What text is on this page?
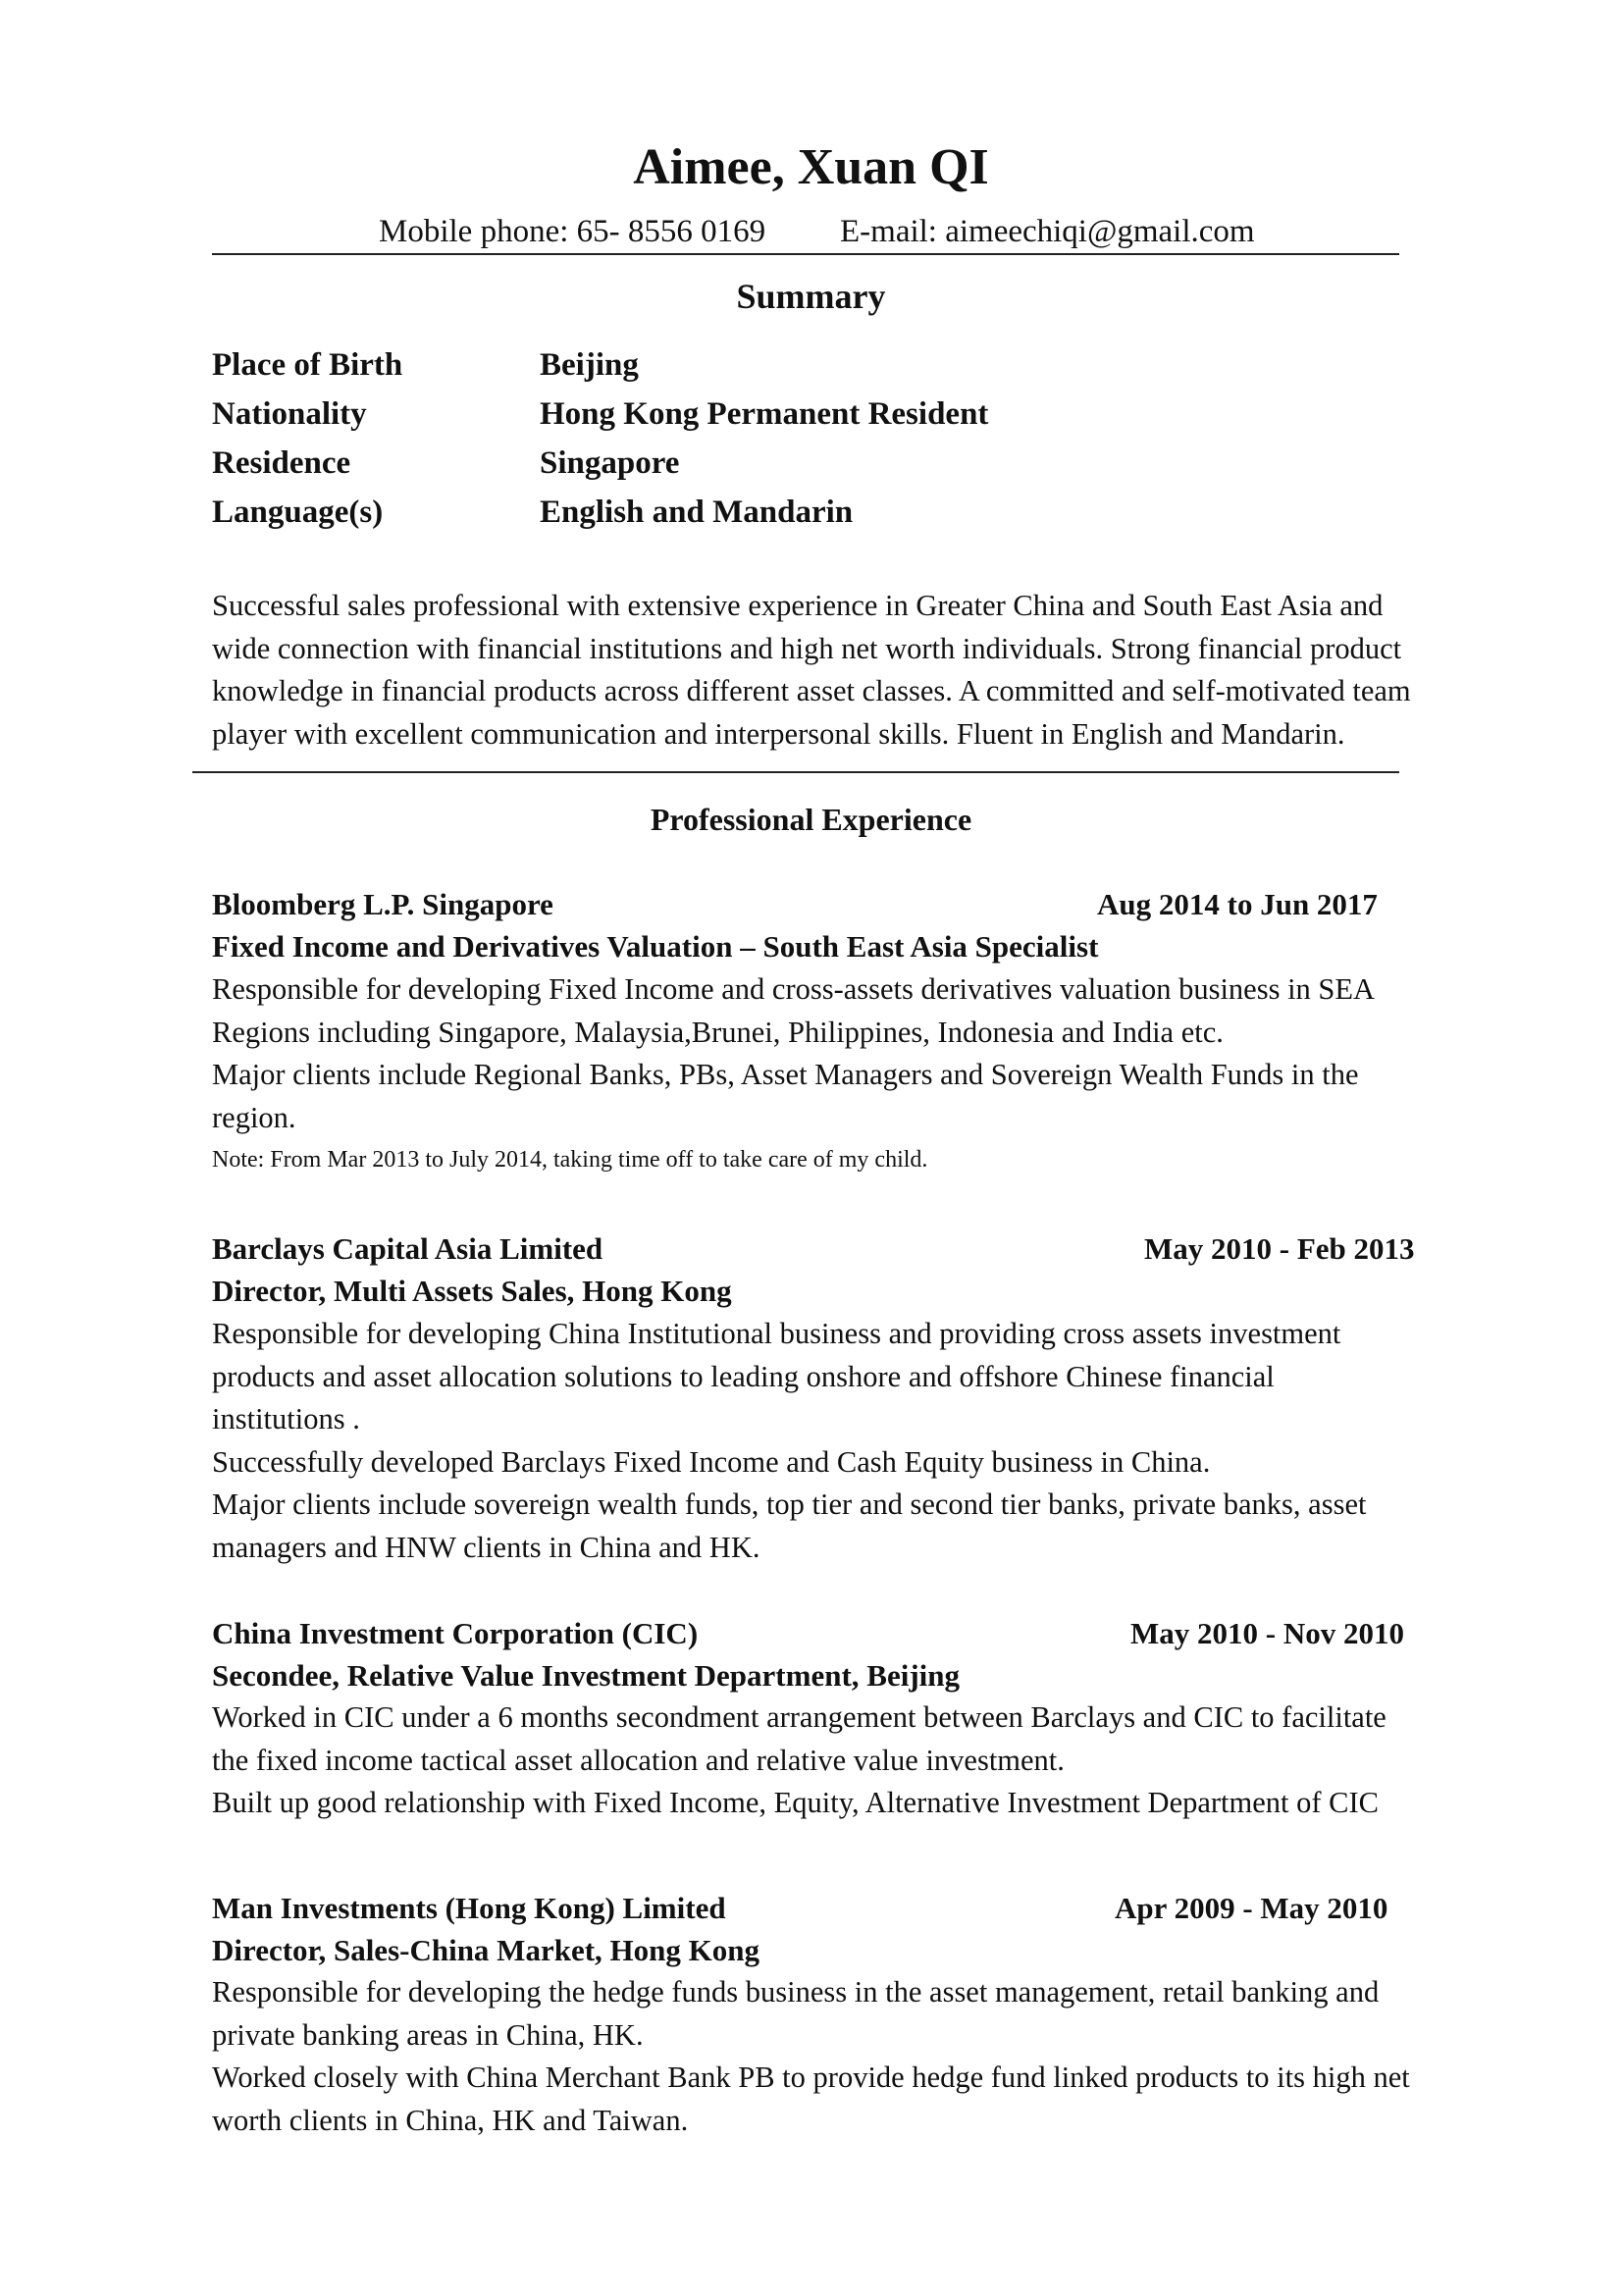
Aimee, Xuan QI
Mobile phone: 65- 8556 0169 E-mail: aimeechiqi@gmail.com
Summary
Place of Birth	Beijing
Nationality	Hong Kong Permanent Resident
Residence	Singapore
Language(s)	English and Mandarin
Successful sales professional with extensive experience in Greater China and South East Asia and
wide connection with financial institutions and high net worth individuals. Strong financial product
knowledge in financial products across different asset classes. A committed and self-motivated team
player with excellent communication and interpersonal skills. Fluent in English and Mandarin.
Professional Experience
Bloomberg L.P. Singapore	Aug 2014 to Jun 2017
Fixed Income and Derivatives Valuation – South East Asia Specialist
Responsible for developing Fixed Income and cross-assets derivatives valuation business in SEA
Regions including Singapore, Malaysia,Brunei, Philippines, Indonesia and India etc.
Major clients include Regional Banks, PBs, Asset Managers and Sovereign Wealth Funds in the
region.
Note: From Mar 2013 to July 2014, taking time off to take care of my child.
Barclays Capital Asia Limited	May 2010 - Feb 2013
Director, Multi Assets Sales, Hong Kong
Responsible for developing China Institutional business and providing cross assets investment
products and asset allocation solutions to leading onshore and offshore Chinese financial
institutions .
Successfully developed Barclays Fixed Income and Cash Equity business in China.
Major clients include sovereign wealth funds, top tier and second tier banks, private banks, asset
managers and HNW clients in China and HK.
China Investment Corporation (CIC)	May 2010 - Nov 2010
Secondee, Relative Value Investment Department, Beijing
Worked in CIC under a 6 months secondment arrangement between Barclays and CIC to facilitate
the fixed income tactical asset allocation and relative value investment.
Built up good relationship with Fixed Income, Equity, Alternative Investment Department of CIC
Man Investments (Hong Kong) Limited	Apr 2009 - May 2010
Director, Sales-China Market, Hong Kong
Responsible for developing the hedge funds business in the asset management, retail banking and
private banking areas in China, HK.
Worked closely with China Merchant Bank PB to provide hedge fund linked products to its high net
worth clients in China, HK and Taiwan.
